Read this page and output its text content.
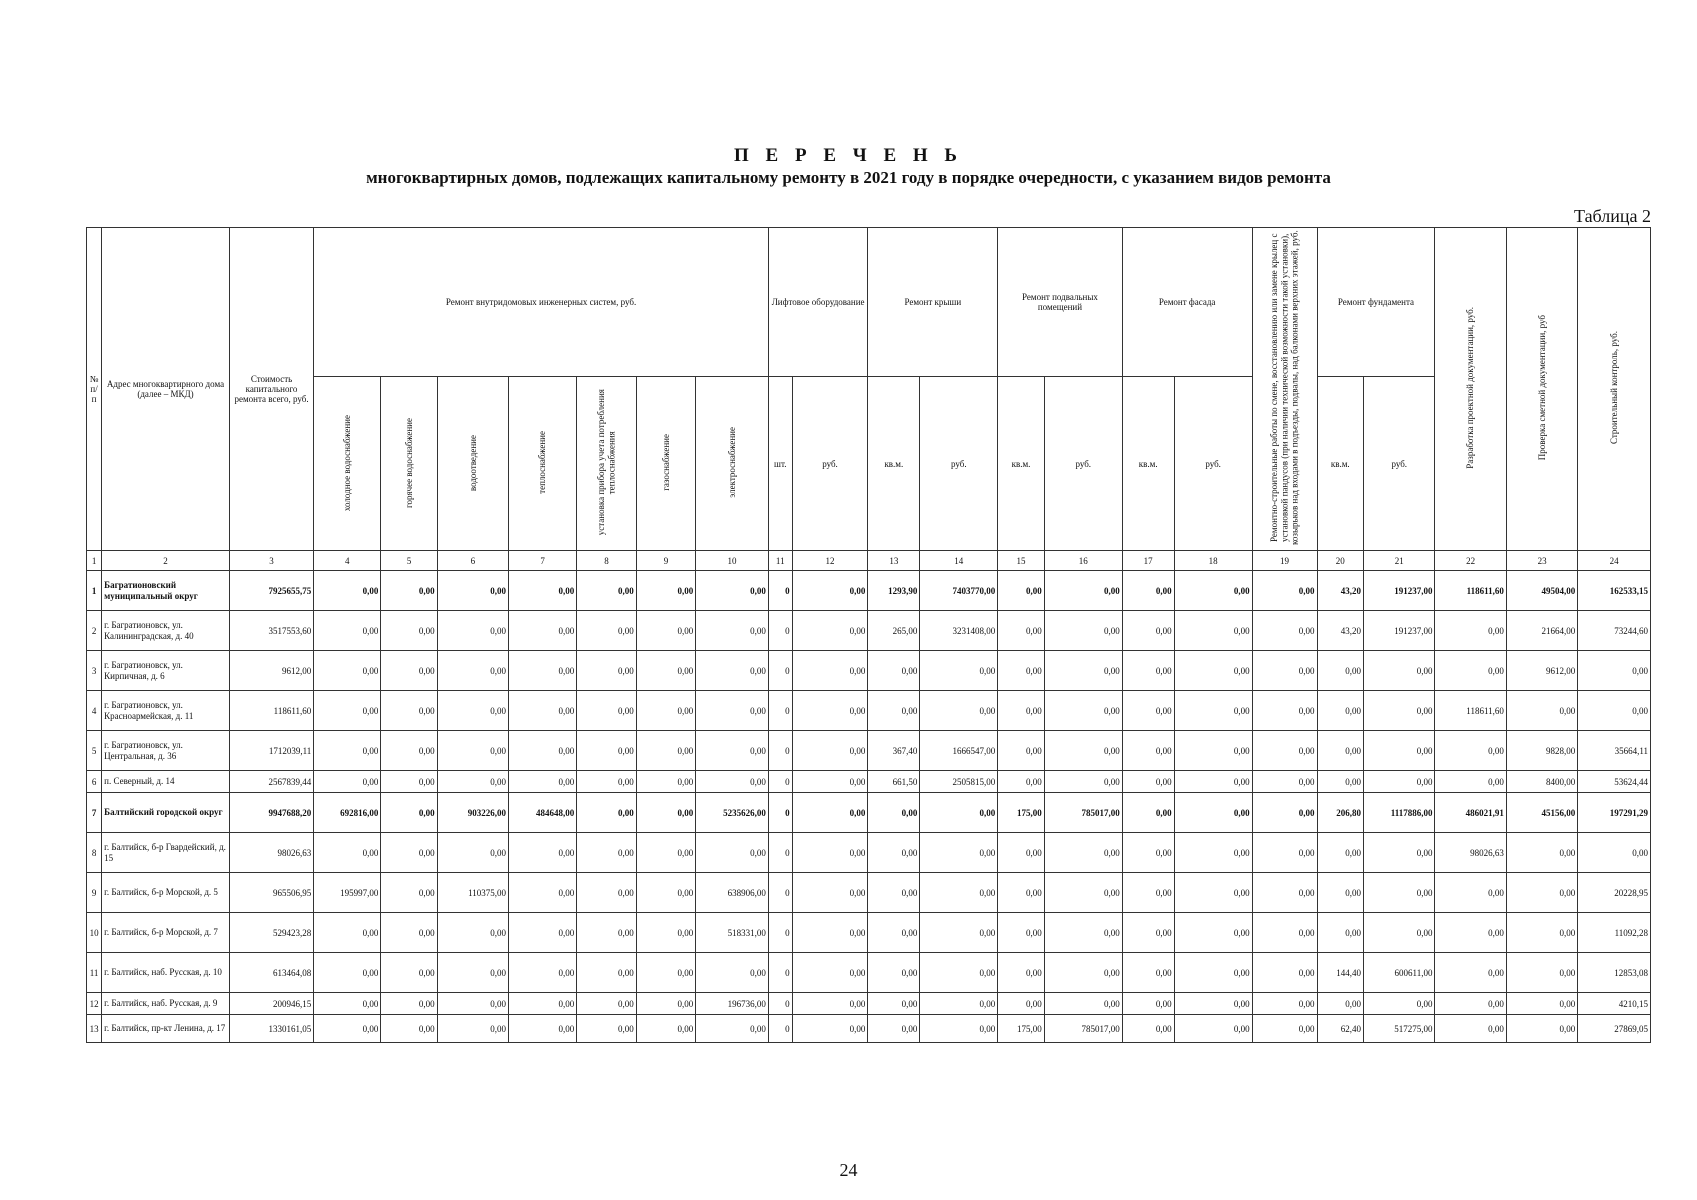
П Е Р Е Ч Е Н Ь
многоквартирных домов, подлежащих капитальному ремонту в 2021 году в порядке очередности, с указанием видов ремонта
Таблица 2
№ п/п	Адрес многоквартирного дома (далее – МКД)	Стоимость капитального ремонта всего, руб.	Ремонт внутридомовых инженерных систем, руб.							Лифтовое оборудование		Ремонт крыши		Ремонт подвальных помещений		Ремонт фасада		Ремонтно-строительные работы по смене, восстановлению или замене крылец с установкой пандусов (при наличии технической возможности такой установки), козырьков над входами в подъезды, подвалы, над балконами верхних этажей, руб.	Ремонт фундамента		Разработка проектной документации, руб.	Проверка сметной документации, руб	Строительный контроль, руб.
			холодное водоснабжение	горячее водоснабжение	водоотведение	теплоснабжение	установка прибора учета потребления теплоснабжения	газоснабжение	электроснабжение	шт.	руб.	кв.м.	руб.	кв.м.	руб.	кв.м.	руб.		кв.м.	руб.			
1	2	3	4	5	6	7	8	9	10	11	12	13	14	15	16	17	18	19	20	21	22	23	24
1	Багратионовский муниципальный округ	7925655,75	0,00	0,00	0,00	0,00	0,00	0,00	0,00	0	0,00	1293,90	7403770,00	0,00	0,00	0,00	0,00	0,00	43,20	191237,00	118611,60	49504,00	162533,15
2	г. Багратионовск, ул. Калининградская, д. 40	3517553,60	0,00	0,00	0,00	0,00	0,00	0,00	0,00	0	0,00	265,00	3231408,00	0,00	0,00	0,00	0,00	0,00	43,20	191237,00	0,00	21664,00	73244,60
3	г. Багратионовск, ул. Кирпичная, д. 6	9612,00	0,00	0,00	0,00	0,00	0,00	0,00	0,00	0	0,00	0,00	0,00	0,00	0,00	0,00	0,00	0,00	0,00	0,00	0,00	9612,00	0,00
4	г. Багратионовск, ул. Красноармейская, д. 11	118611,60	0,00	0,00	0,00	0,00	0,00	0,00	0,00	0	0,00	0,00	0,00	0,00	0,00	0,00	0,00	0,00	0,00	0,00	118611,60	0,00	0,00
5	г. Багратионовск, ул. Центральная, д. 36	1712039,11	0,00	0,00	0,00	0,00	0,00	0,00	0,00	0	0,00	367,40	1666547,00	0,00	0,00	0,00	0,00	0,00	0,00	0,00	0,00	9828,00	35664,11
6	п. Северный, д. 14	2567839,44	0,00	0,00	0,00	0,00	0,00	0,00	0,00	0	0,00	661,50	2505815,00	0,00	0,00	0,00	0,00	0,00	0,00	0,00	0,00	8400,00	53624,44
7	Балтийский городской округ	9947688,20	692816,00	0,00	903226,00	484648,00	0,00	0,00	5235626,00	0	0,00	0,00	0,00	175,00	785017,00	0,00	0,00	0,00	206,80	1117886,00	486021,91	45156,00	197291,29
8	г. Балтийск, б-р Гвардейский, д. 15	98026,63	0,00	0,00	0,00	0,00	0,00	0,00	0,00	0	0,00	0,00	0,00	0,00	0,00	0,00	0,00	0,00	0,00	0,00	98026,63	0,00	0,00
9	г. Балтийск, б-р Морской, д. 5	965506,95	195997,00	0,00	110375,00	0,00	0,00	0,00	638906,00	0	0,00	0,00	0,00	0,00	0,00	0,00	0,00	0,00	0,00	0,00	0,00	0,00	20228,95
10	г. Балтийск, б-р Морской, д. 7	529423,28	0,00	0,00	0,00	0,00	0,00	0,00	518331,00	0	0,00	0,00	0,00	0,00	0,00	0,00	0,00	0,00	0,00	0,00	0,00	0,00	11092,28
11	г. Балтийск, наб. Русская, д. 10	613464,08	0,00	0,00	0,00	0,00	0,00	0,00	0,00	0	0,00	0,00	0,00	0,00	0,00	0,00	0,00	0,00	144,40	600611,00	0,00	0,00	12853,08
12	г. Балтийск, наб. Русская, д. 9	200946,15	0,00	0,00	0,00	0,00	0,00	0,00	196736,00	0	0,00	0,00	0,00	0,00	0,00	0,00	0,00	0,00	0,00	0,00	0,00	0,00	4210,15
13	г. Балтийск, пр-кт Ленина, д. 17	1330161,05	0,00	0,00	0,00	0,00	0,00	0,00	0,00	0	0,00	0,00	0,00	175,00	785017,00	0,00	0,00	0,00	62,40	517275,00	0,00	0,00	27869,05
24
